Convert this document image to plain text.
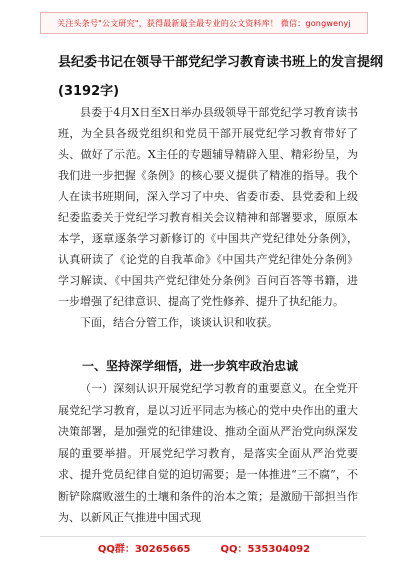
关注头条号"公文研究"，获得最新最全最专业的公文资料库！ 微信：gongwenyj
县纪委书记在领导干部党纪学习教育读书班上的发言提纲
(3192字)

县委于4月X日至X日举办县级领导干部党纪学习教育读书班，为全县各级党组织和党员干部开展党纪学习教育带好了头、做好了示范。X主任的专题辅导精辟入里、精彩纷呈，为我们进一步把握《条例》的核心要义提供了精准的指导。我个人在读书班期间，深入学习了中央、省委市委、县党委和上级纪委监委关于党纪学习教育相关会议精神和部署要求，原原本本学，逐章逐条学习新修订的《中国共产党纪律处分条例》，认真研读了《论党的自我革命》《中国共产党纪律处分条例》学习解读、《中国共产党纪律处分条例》百问百答等书籍，进一步增强了纪律意识、提高了党性修养、提升了执纪能力。

下面，结合分管工作，谈谈认识和收获。

一、坚持深学细悟，进一步筑牢政治忠诚

（一）深刻认识开展党纪学习教育的重要意义。在全党开展党纪学习教育，是以习近平同志为核心的党中央作出的重大决策部署，是加强党的纪律建设、推动全面从严治党向纵深发展的重要举措。开展党纪学习教育，是落实全面从严治党要求、提升党员纪律自觉的迫切需要；是一体推进“三不腐”，不断铲除腐败滋生的土壤和条件的治本之策；是激励干部担当作为、以新风正气推进中国式现

QQ群：30265665	QQ：535304092
